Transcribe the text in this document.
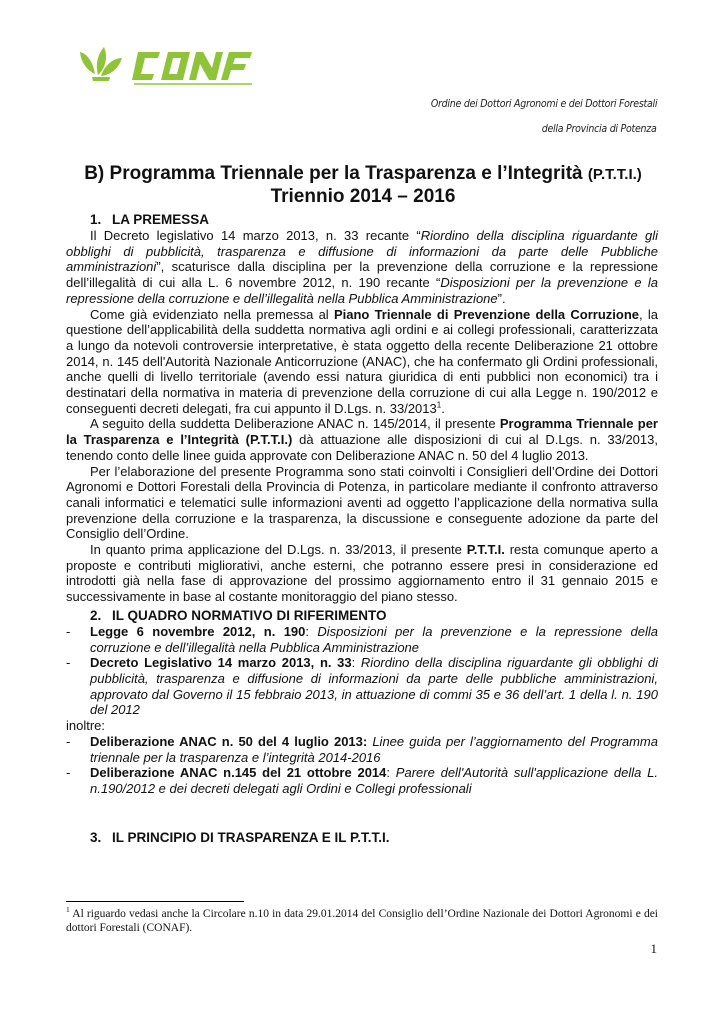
Ordine dei Dottori Agronomi e dei Dottori Forestali
della Provincia di Potenza
B) Programma Triennale per la Trasparenza e l’Integrità (P.T.T.I.)
Triennio 2014 – 2016
1. LA PREMESSA

Il Decreto legislativo 14 marzo 2013, n. 33 recante “Riordino della disciplina riguardante gli obblighi di pubblicità, trasparenza e diffusione di informazioni da parte delle Pubbliche amministrazioni”, scaturisce dalla disciplina per la prevenzione della corruzione e la repressione dell’illegalità di cui alla L. 6 novembre 2012, n. 190 recante “Disposizioni per la prevenzione e la repressione della corruzione e dell’illegalità nella Pubblica Amministrazione”.

Come già evidenziato nella premessa al Piano Triennale di Prevenzione della Corruzione, la questione dell’applicabilità della suddetta normativa agli ordini e ai collegi professionali, caratterizzata a lungo da notevoli controversie interpretative, è stata oggetto della recente Deliberazione 21 ottobre 2014, n. 145 dell'Autorità Nazionale Anticorruzione (ANAC), che ha confermato gli Ordini professionali, anche quelli di livello territoriale (avendo essi natura giuridica di enti pubblici non economici) tra i destinatari della normativa in materia di prevenzione della corruzione di cui alla Legge n. 190/2012 e conseguenti decreti delegati, fra cui appunto il D.Lgs. n. 33/2013$^1$.

A seguito della suddetta Deliberazione ANAC n. 145/2014, il presente Programma Triennale per la Trasparenza e l’Integrità (P.T.T.I.) dà attuazione alle disposizioni di cui al D.Lgs. n. 33/2013, tenendo conto delle linee guida approvate con Deliberazione ANAC n. 50 del 4 luglio 2013.

Per l’elaborazione del presente Programma sono stati coinvolti i Consiglieri dell’Ordine dei Dottori Agronomi e Dottori Forestali della Provincia di Potenza, in particolare mediante il confronto attraverso canali informatici e telematici sulle informazioni aventi ad oggetto l’applicazione della normativa sulla prevenzione della corruzione e la trasparenza, la discussione e conseguente adozione da parte del Consiglio dell’Ordine.

In quanto prima applicazione del D.Lgs. n. 33/2013, il presente P.T.T.I. resta comunque aperto a proposte e contributi migliorativi, anche esterni, che potranno essere presi in considerazione ed introdotti già nella fase di approvazione del prossimo aggiornamento entro il 31 gennaio 2015 e successivamente in base al costante monitoraggio del piano stesso.

2. IL QUADRO NORMATIVO DI RIFERIMENTO
- Legge 6 novembre 2012, n. 190: Disposizioni per la prevenzione e la repressione della corruzione e dell’illegalità nella Pubblica Amministrazione
- Decreto Legislativo 14 marzo 2013, n. 33: Riordino della disciplina riguardante gli obblighi di pubblicità, trasparenza e diffusione di informazioni da parte delle pubbliche amministrazioni, approvato dal Governo il 15 febbraio 2013, in attuazione di commi 35 e 36 dell’art. 1 della l. n. 190 del 2012

inoltre:

- Deliberazione ANAC n. 50 del 4 luglio 2013: Linee guida per l’aggiornamento del Programma triennale per la trasparenza e l’integrità 2014-2016
- Deliberazione ANAC n.145 del 21 ottobre 2014: Parere dell'Autorità sull'applicazione della L. n.190/2012 e dei decreti delegati agli Ordini e Collegi professionali
3. IL PRINCIPIO DI TRASPARENZA E IL P.T.T.I.
$^1$ Al riguardo vedasi anche la Circolare n.10 in data 29.01.2014 del Consiglio dell’Ordine Nazionale dei Dottori Agronomi e dei dottori Forestali (CONAF).
1
